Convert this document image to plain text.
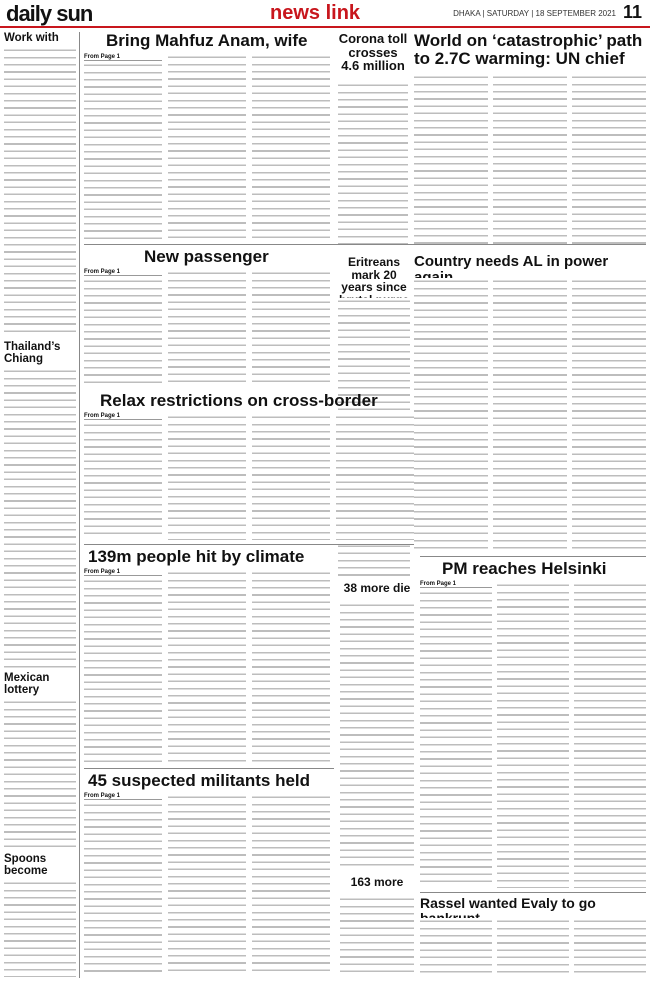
daily sun	news link	DHAKA | SATURDAY | 18 SEPTEMBER 2021 11
Work with
Thailand’s Chiang
Mexican lottery
Spoons become
Bring Mahfuz Anam, wife
From Page 1
Corona toll crosses 4.6 million
World on ‘catastrophic’ path to 2.7C warming: UN chief
New passenger
From Page 1
Eritreans mark 20 years since
Country needs AL in power
Relax restrictions on cross-border
From Page 1
PM reaches Helsinki
From Page 1
139m people hit by climate
From Page 1
38 more die
45 suspected militants held
From Page 1
163 more
Rassel wanted Evaly to go
